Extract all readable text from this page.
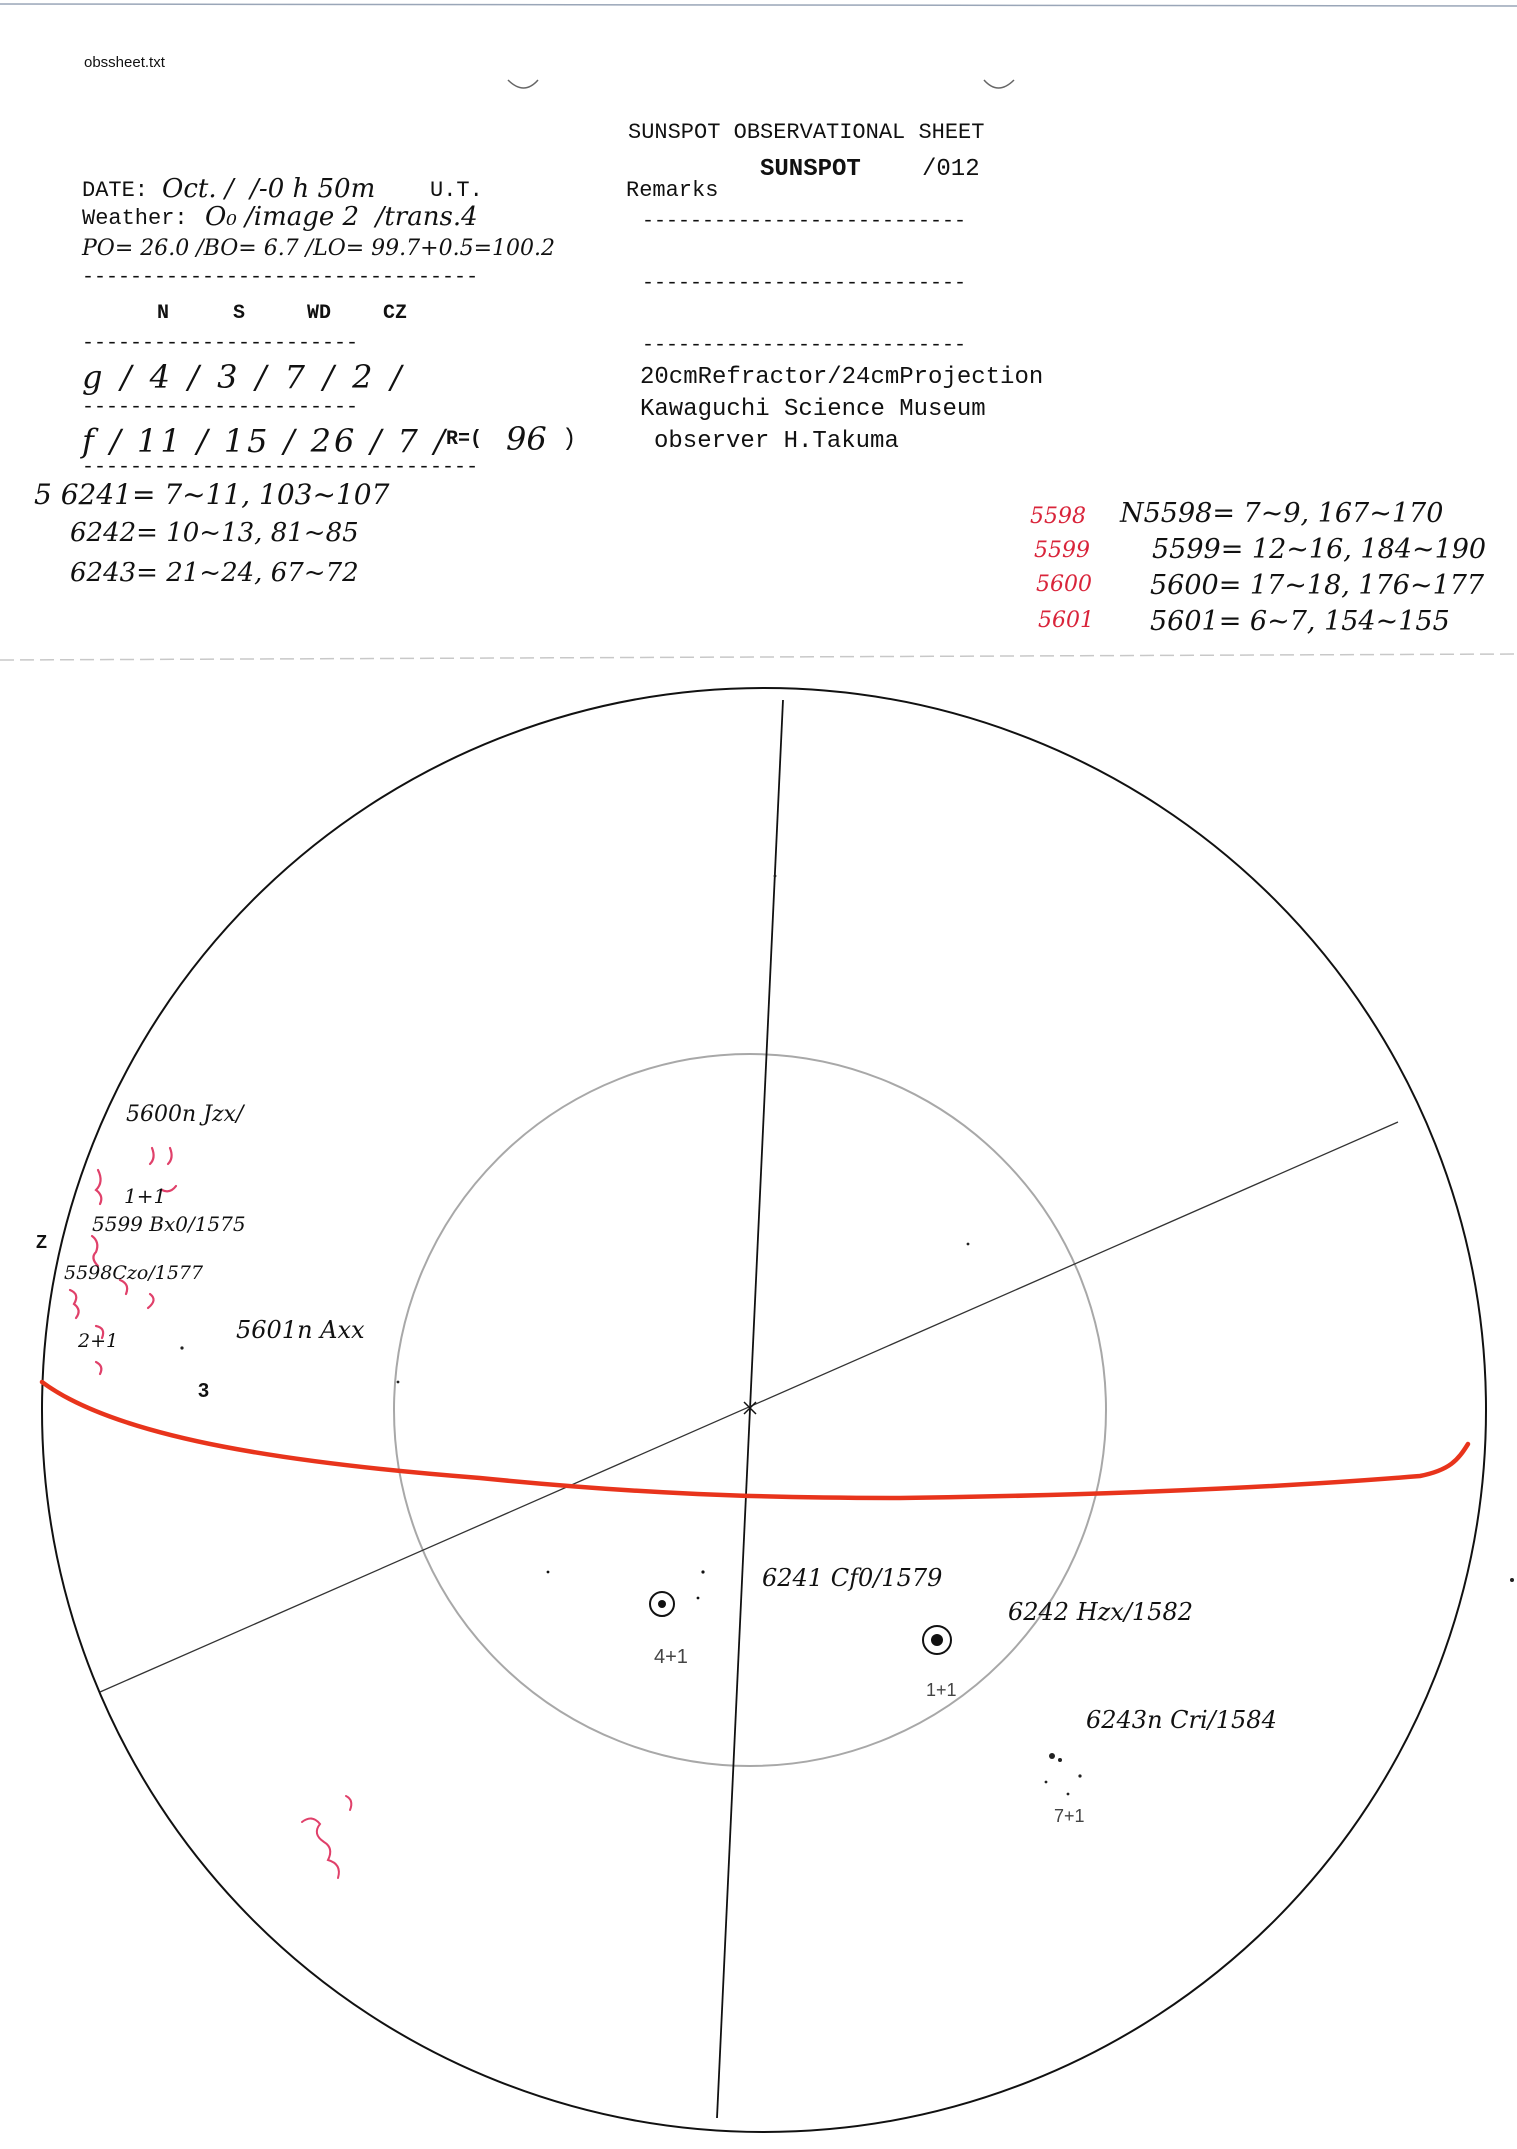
obssheet.txt
SUNSPOT OBSERVATIONAL SHEET
SUNSPOT	/012
Remarks
DATE: Oct. /  /-0 h 50m U.T.
Weather: O₀ /image 2  /trans.4
PO= 26.0 /BO= 6.7 /LO= 99.7+0.5=100.2
---------------------------------
N	S	WD	CZ
-----------------------
g / 4 / 3 / 7 / 2 /
-----------------------
f / 11 / 15 / 26 / 7 /
R=( 96 )
---------------------------------
---------------------------
---------------------------
---------------------------
20cmRefractor/24cmProjection
Kawaguchi Science Museum
observer H.Takuma
5 6241= 7~11, 103~107
6242= 10~13, 81~85
6243= 21~24, 67~72
5598
5599
5600
5601
N5598= 7~9, 167~170
5599= 12~16, 184~190
5600= 17~18, 176~177
5601= 6~7, 154~155
5600n Jzx/
1+1
5599 Bx0/1575
Z
5598Czo/1577
2+1	5601n Axx
3
6241 Cf0/1579
4+1
6242 Hzx/1582
1+1
6243n Cri/1584
7+1
